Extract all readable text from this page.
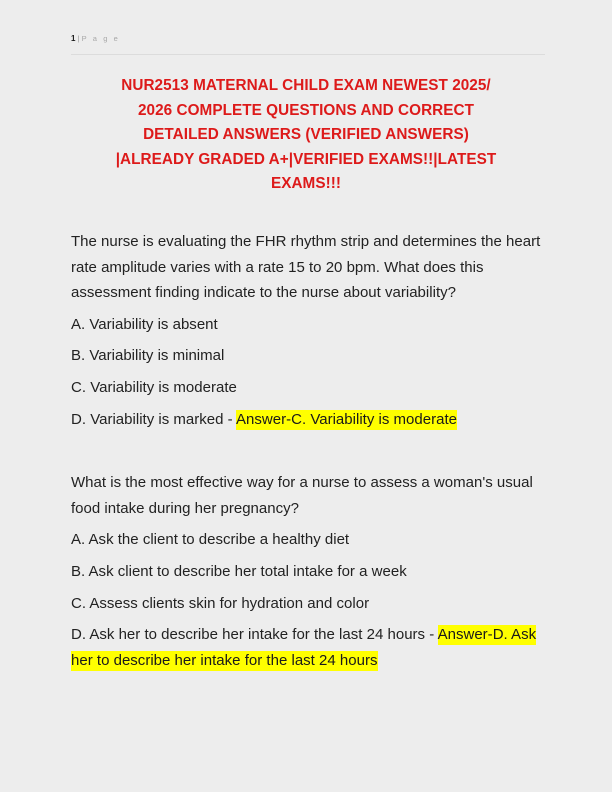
1 | P a g e
NUR2513 MATERNAL CHILD EXAM NEWEST 2025/
2026 COMPLETE QUESTIONS AND CORRECT
DETAILED ANSWERS (VERIFIED ANSWERS)
|ALREADY GRADED A+|VERIFIED EXAMS!!|LATEST
EXAMS!!!

The nurse is evaluating the FHR rhythm strip and determines the heart rate amplitude varies with a rate 15 to 20 bpm. What does this assessment finding indicate to the nurse about variability?

A. Variability is absent

B. Variability is minimal

C. Variability is moderate

D. Variability is marked - Answer-C. Variability is moderate

What is the most effective way for a nurse to assess a woman's usual food intake during her pregnancy?

A. Ask the client to describe a healthy diet

B. Ask client to describe her total intake for a week

C. Assess clients skin for hydration and color

D. Ask her to describe her intake for the last 24 hours - Answer-D. Ask her to describe her intake for the last 24 hours
